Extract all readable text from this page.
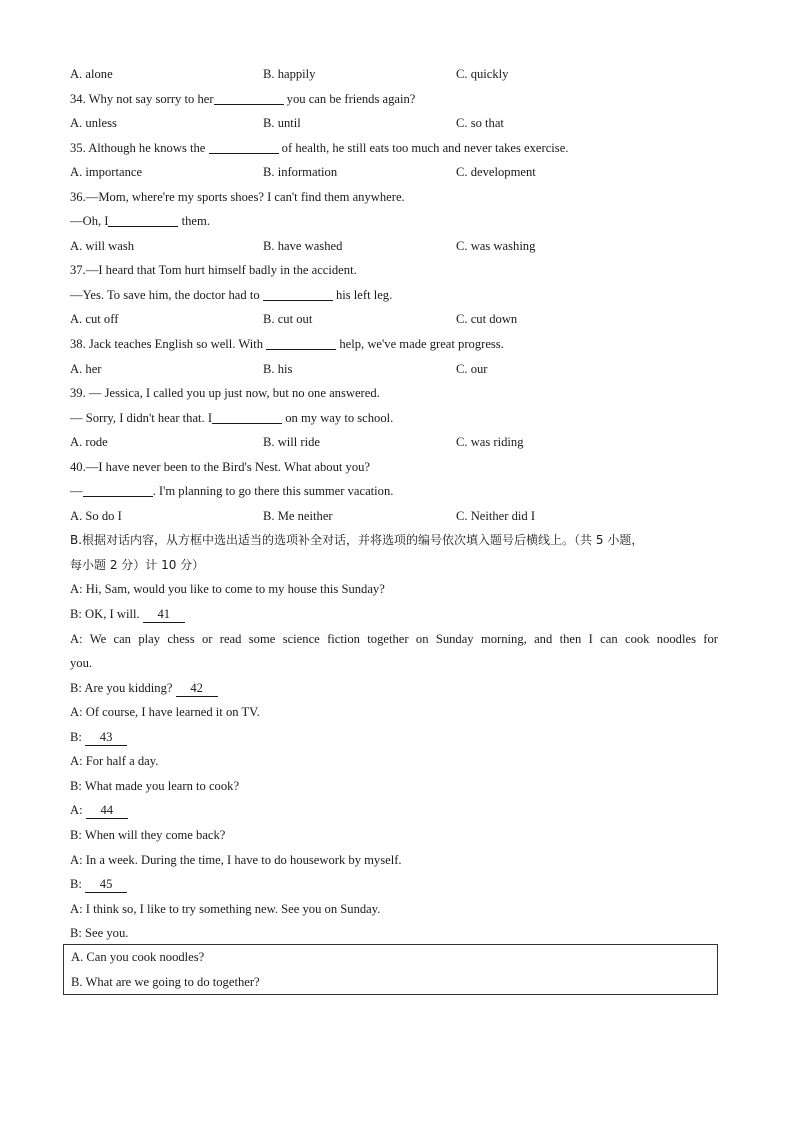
A. alone	B. happily	C. quickly
34. Why not say sorry to her	you can be friends again?
A. unless	B. until	C. so that
35. Although he knows the	of health, he still eats too much and never takes exercise.
A. importance	B. information	C. development
36.—Mom, where're my sports shoes? I can't find them anywhere.
—Oh, I	them.
A. will wash	B. have washed	C. was washing
37.—I heard that Tom hurt himself badly in the accident.
—Yes. To save him, the doctor had to	his left leg.
A. cut off	B. cut out	C. cut down
38. Jack teaches English so well. With	help, we've made great progress.
A. her	B. his	C. our
39. — Jessica, I called you up just now, but no one answered.
— Sorry, I didn't hear that. I	on my way to school.
A. rode	B. will ride	C. was riding
40.—I have never been to the Bird's Nest. What about you?
—	. I'm planning to go there this summer vacation.
A. So do I	B. Me neither	C. Neither did I
B.根据对话内容，从方框中选出适当的选项补全对话，并将选项的编号依次填入题号后横线上。（共 5 小题，
每小题 2 分）计 10 分）
A: Hi, Sam, would you like to come to my house this Sunday?
B: OK, I will. 41
A: We can play chess or read some science fiction together on Sunday morning, and then I can cook noodles for
you.
B: Are you kidding? 42
A: Of course, I have learned it on TV.
B: 43
A: For half a day.
B: What made you learn to cook?
A: 44
B: When will they come back?
A: In a week. During the time, I have to do housework by myself.
B: 45
A: I think so, I like to try something new. See you on Sunday.
B: See you.
A. Can you cook noodles?
B. What are we going to do together?
